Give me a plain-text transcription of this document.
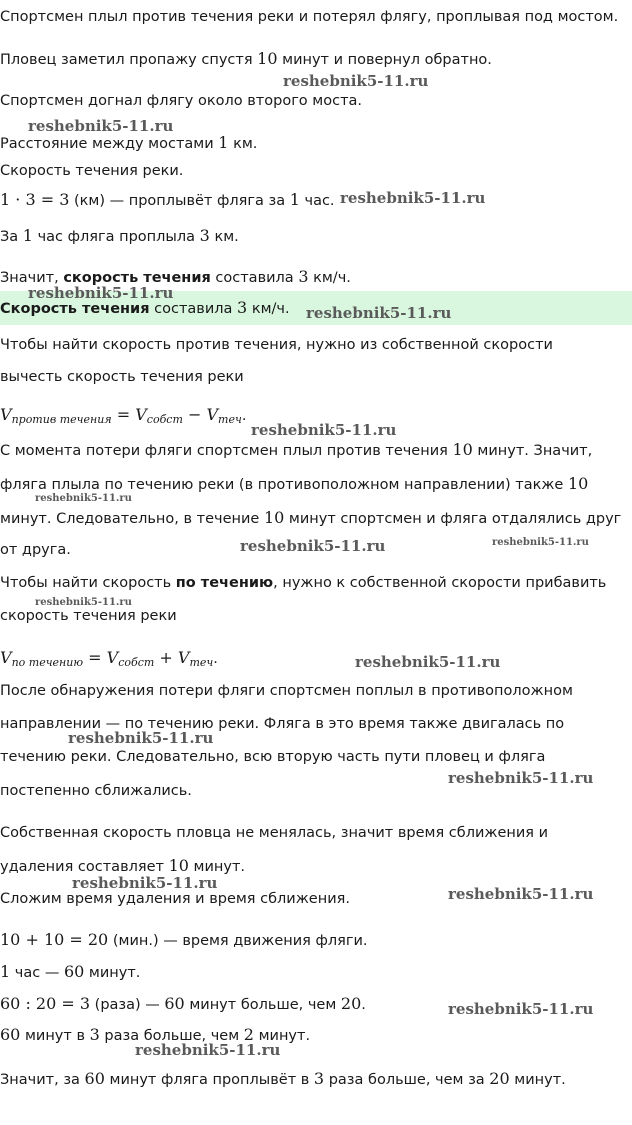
Спортсмен плыл против течения реки и потерял флягу, проплывая под мостом.
Пловец заметил пропажу спустя 10 минут и повернул обратно.
Спортсмен догнал флягу около второго моста.
Расстояние между мостами 1 км.
Скорость течения реки.
1 · 3 = 3 (км) — проплывёт фляга за 1 час.
За 1 час фляга проплыла 3 км.
Значит, скорость течения составила 3 км/ч.
Скорость течения составила 3 км/ч.
Чтобы найти скорость против течения, нужно из собственной скорости
вычесть скорость течения реки
$V_{против течения} = V_{собст} - V_{теч}$.
С момента потери фляги спортсмен плыл против течения 10 минут. Значит,
фляга плыла по течению реки (в противоположном направлении) также 10
минут. Следовательно, в течение 10 минут спортсмен и фляга отдалялись друг
от друга.
Чтобы найти скорость по течению, нужно к собственной скорости прибавить
скорость течения реки
$V_{по течению} = V_{собст} + V_{теч}$.
После обнаружения потери фляги спортсмен поплыл в противоположном
направлении — по течению реки. Фляга в это время также двигалась по
течению реки. Следовательно, всю вторую часть пути пловец и фляга
постепенно сближались.
Собственная скорость пловца не менялась, значит время сближения и
удаления составляет 10 минут.
Сложим время удаления и время сближения.
10 + 10 = 20 (мин.) — время движения фляги.
1 час — 60 минут.
60 : 20 = 3 (раза) — 60 минут больше, чем 20.
60 минут в 3 раза больше, чем 2 минут.
Значит, за 60 минут фляга проплывёт в 3 раза больше, чем за 20 минут.
reshebnik5-11.ru
reshebnik5-11.ru
reshebnik5-11.ru
reshebnik5-11.ru
reshebnik5-11.ru
reshebnik5-11.ru
reshebnik5-11.ru
reshebnik5-11.ru	reshebnik5-11.ru
reshebnik5-11.ru
reshebnik5-11.ru
reshebnik5-11.ru
reshebnik5-11.ru
reshebnik5-11.ru
reshebnik5-11.ru
reshebnik5-11.ru
reshebnik5-11.ru
